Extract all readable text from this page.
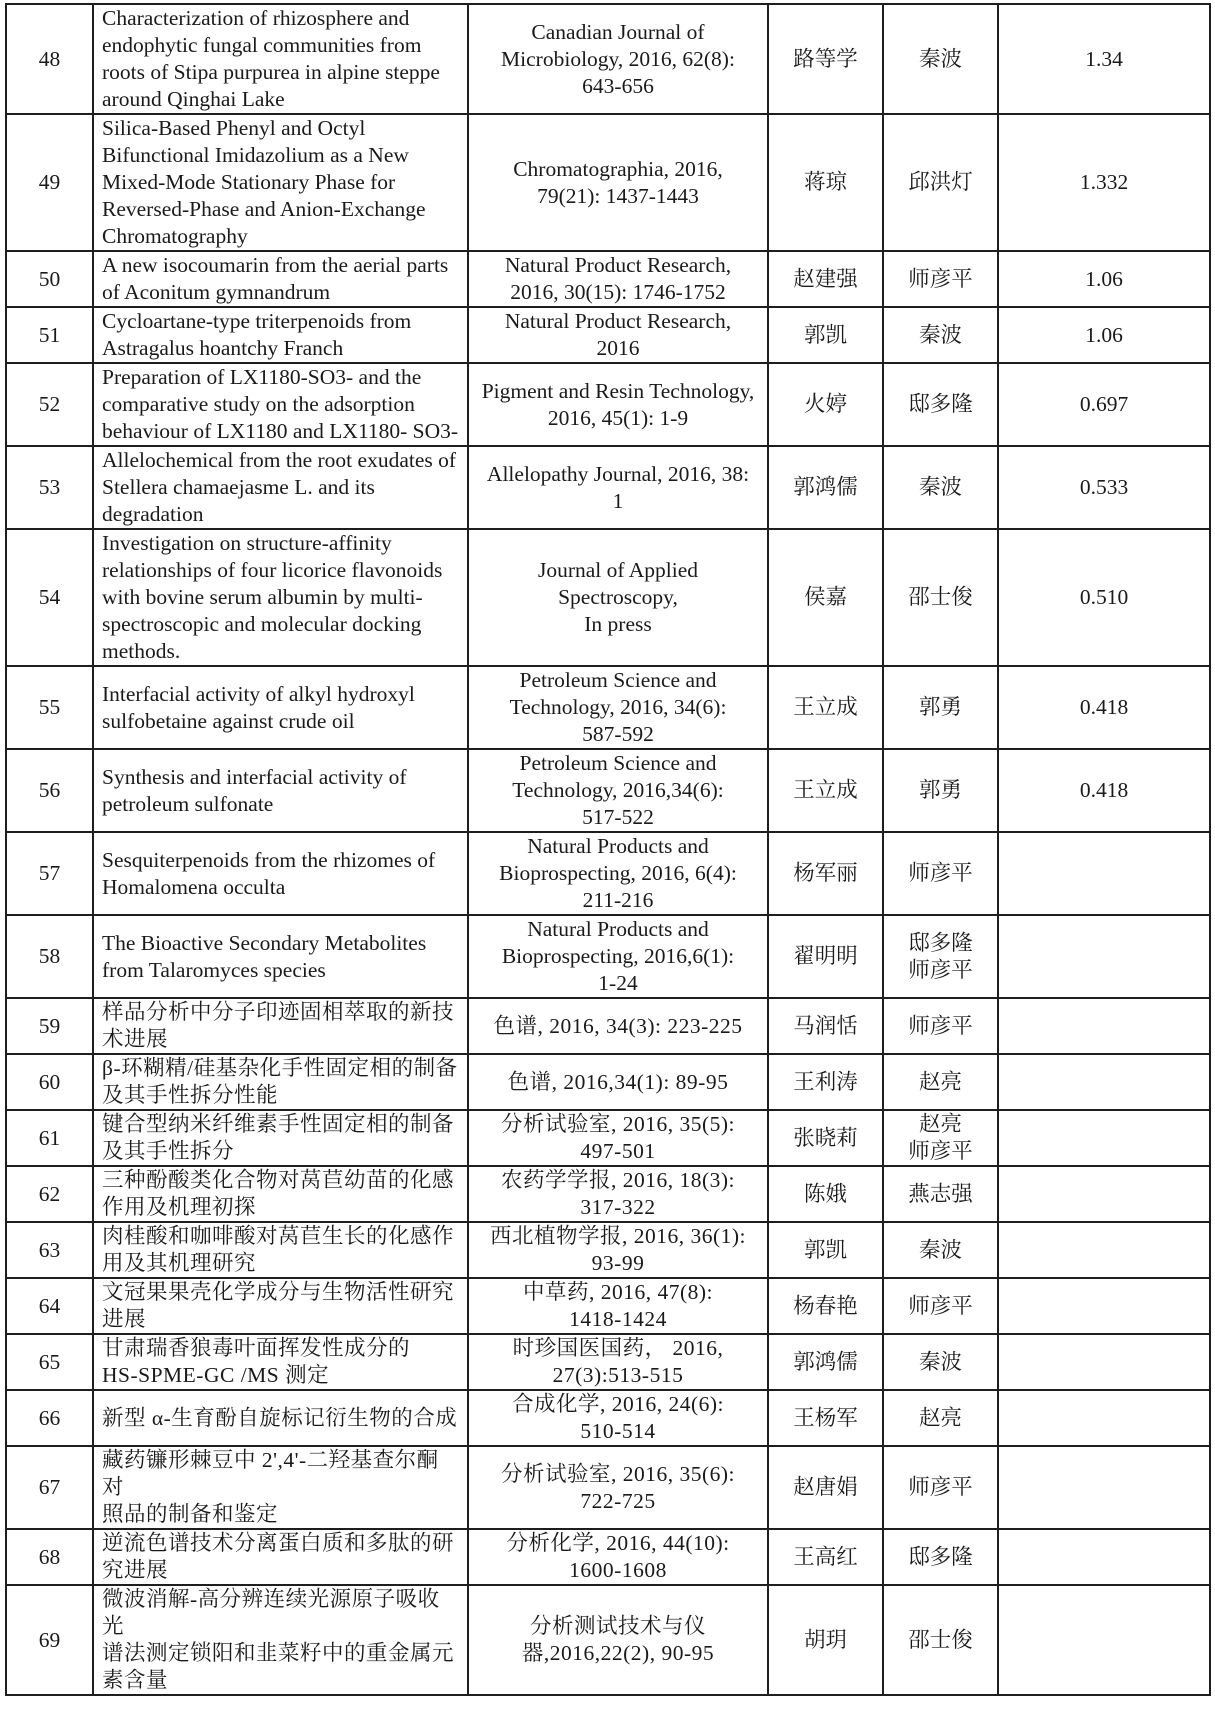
48	Characterization of rhizosphere and
endophytic fungal communities from
roots of Stipa purpurea in alpine steppe
around Qinghai Lake	Canadian Journal of
Microbiology, 2016, 62(8):
643-656	路等学	秦波	1.34
49	Silica-Based Phenyl and Octyl
Bifunctional Imidazolium as a New
Mixed-Mode Stationary Phase for
Reversed-Phase and Anion-Exchange
Chromatography	Chromatographia, 2016,
79(21): 1437-1443	蒋琼	邱洪灯	1.332
50	A new isocoumarin from the aerial parts
of Aconitum gymnandrum	Natural Product Research,
2016, 30(15): 1746-1752	赵建强	师彦平	1.06
51	Cycloartane-type triterpenoids from
Astragalus hoantchy Franch	Natural Product Research,
2016	郭凯	秦波	1.06
52	Preparation of LX1180-SO3- and the
comparative study on the adsorption
behaviour of LX1180 and LX1180- SO3-	Pigment and Resin Technology,
2016, 45(1): 1-9	火婷	邸多隆	0.697
53	Allelochemical from the root exudates of
Stellera chamaejasme L. and its
degradation	Allelopathy Journal, 2016, 38:
1	郭鸿儒	秦波	0.533
54	Investigation on structure-affinity
relationships of four licorice flavonoids
with bovine serum albumin by multi-
spectroscopic and molecular docking
methods.	Journal of Applied
Spectroscopy,
In press	侯嘉	邵士俊	0.510
55	Interfacial activity of alkyl hydroxyl
sulfobetaine against crude oil	Petroleum Science and
Technology, 2016, 34(6):
587-592	王立成	郭勇	0.418
56	Synthesis and interfacial activity of
petroleum sulfonate	Petroleum Science and
Technology, 2016,34(6):
517-522	王立成	郭勇	0.418
57	Sesquiterpenoids from the rhizomes of
Homalomena occulta	Natural Products and
Bioprospecting, 2016, 6(4):
211-216	杨军丽	师彦平	

58	The Bioactive Secondary Metabolites
from Talaromyces species	Natural Products and
Bioprospecting, 2016,6(1):
1-24	翟明明	邸多隆
师彦平	

59	样品分析中分子印迹固相萃取的新技
术进展	色谱, 2016, 34(3): 223-225	马润恬	师彦平	

60	β-环糊精/硅基杂化手性固定相的制备
及其手性拆分性能	色谱, 2016,34(1): 89-95	王利涛	赵亮	

61	键合型纳米纤维素手性固定相的制备
及其手性拆分	分析试验室, 2016, 35(5):
497-501	张晓莉	赵亮
师彦平	

62	三种酚酸类化合物对莴苣幼苗的化感
作用及机理初探	农药学学报, 2016, 18(3):
317-322	陈娥	燕志强	

63	肉桂酸和咖啡酸对莴苣生长的化感作
用及其机理研究	西北植物学报, 2016, 36(1):
93-99	郭凯	秦波	

64	文冠果果壳化学成分与生物活性研究
进展	中草药, 2016, 47(8):
1418-1424	杨春艳	师彦平	

65	甘肃瑞香狼毒叶面挥发性成分的
HS-SPME-GC /MS 测定	时珍国医国药， 2016,
27(3):513-515	郭鸿儒	秦波	

66	新型 α-生育酚自旋标记衍生物的合成	合成化学, 2016, 24(6):
510-514	王杨军	赵亮	

67	藏药镰形棘豆中 2',4'-二羟基查尔酮对
照品的制备和鉴定	分析试验室, 2016, 35(6):
722-725	赵唐娟	师彦平	

68	逆流色谱技术分离蛋白质和多肽的研
究进展	分析化学, 2016, 44(10):
1600-1608	王高红	邸多隆	

69	微波消解-高分辨连续光源原子吸收光
谱法测定锁阳和韭菜籽中的重金属元
素含量	分析测试技术与仪
器,2016,22(2), 90-95	胡玥	邵士俊	
